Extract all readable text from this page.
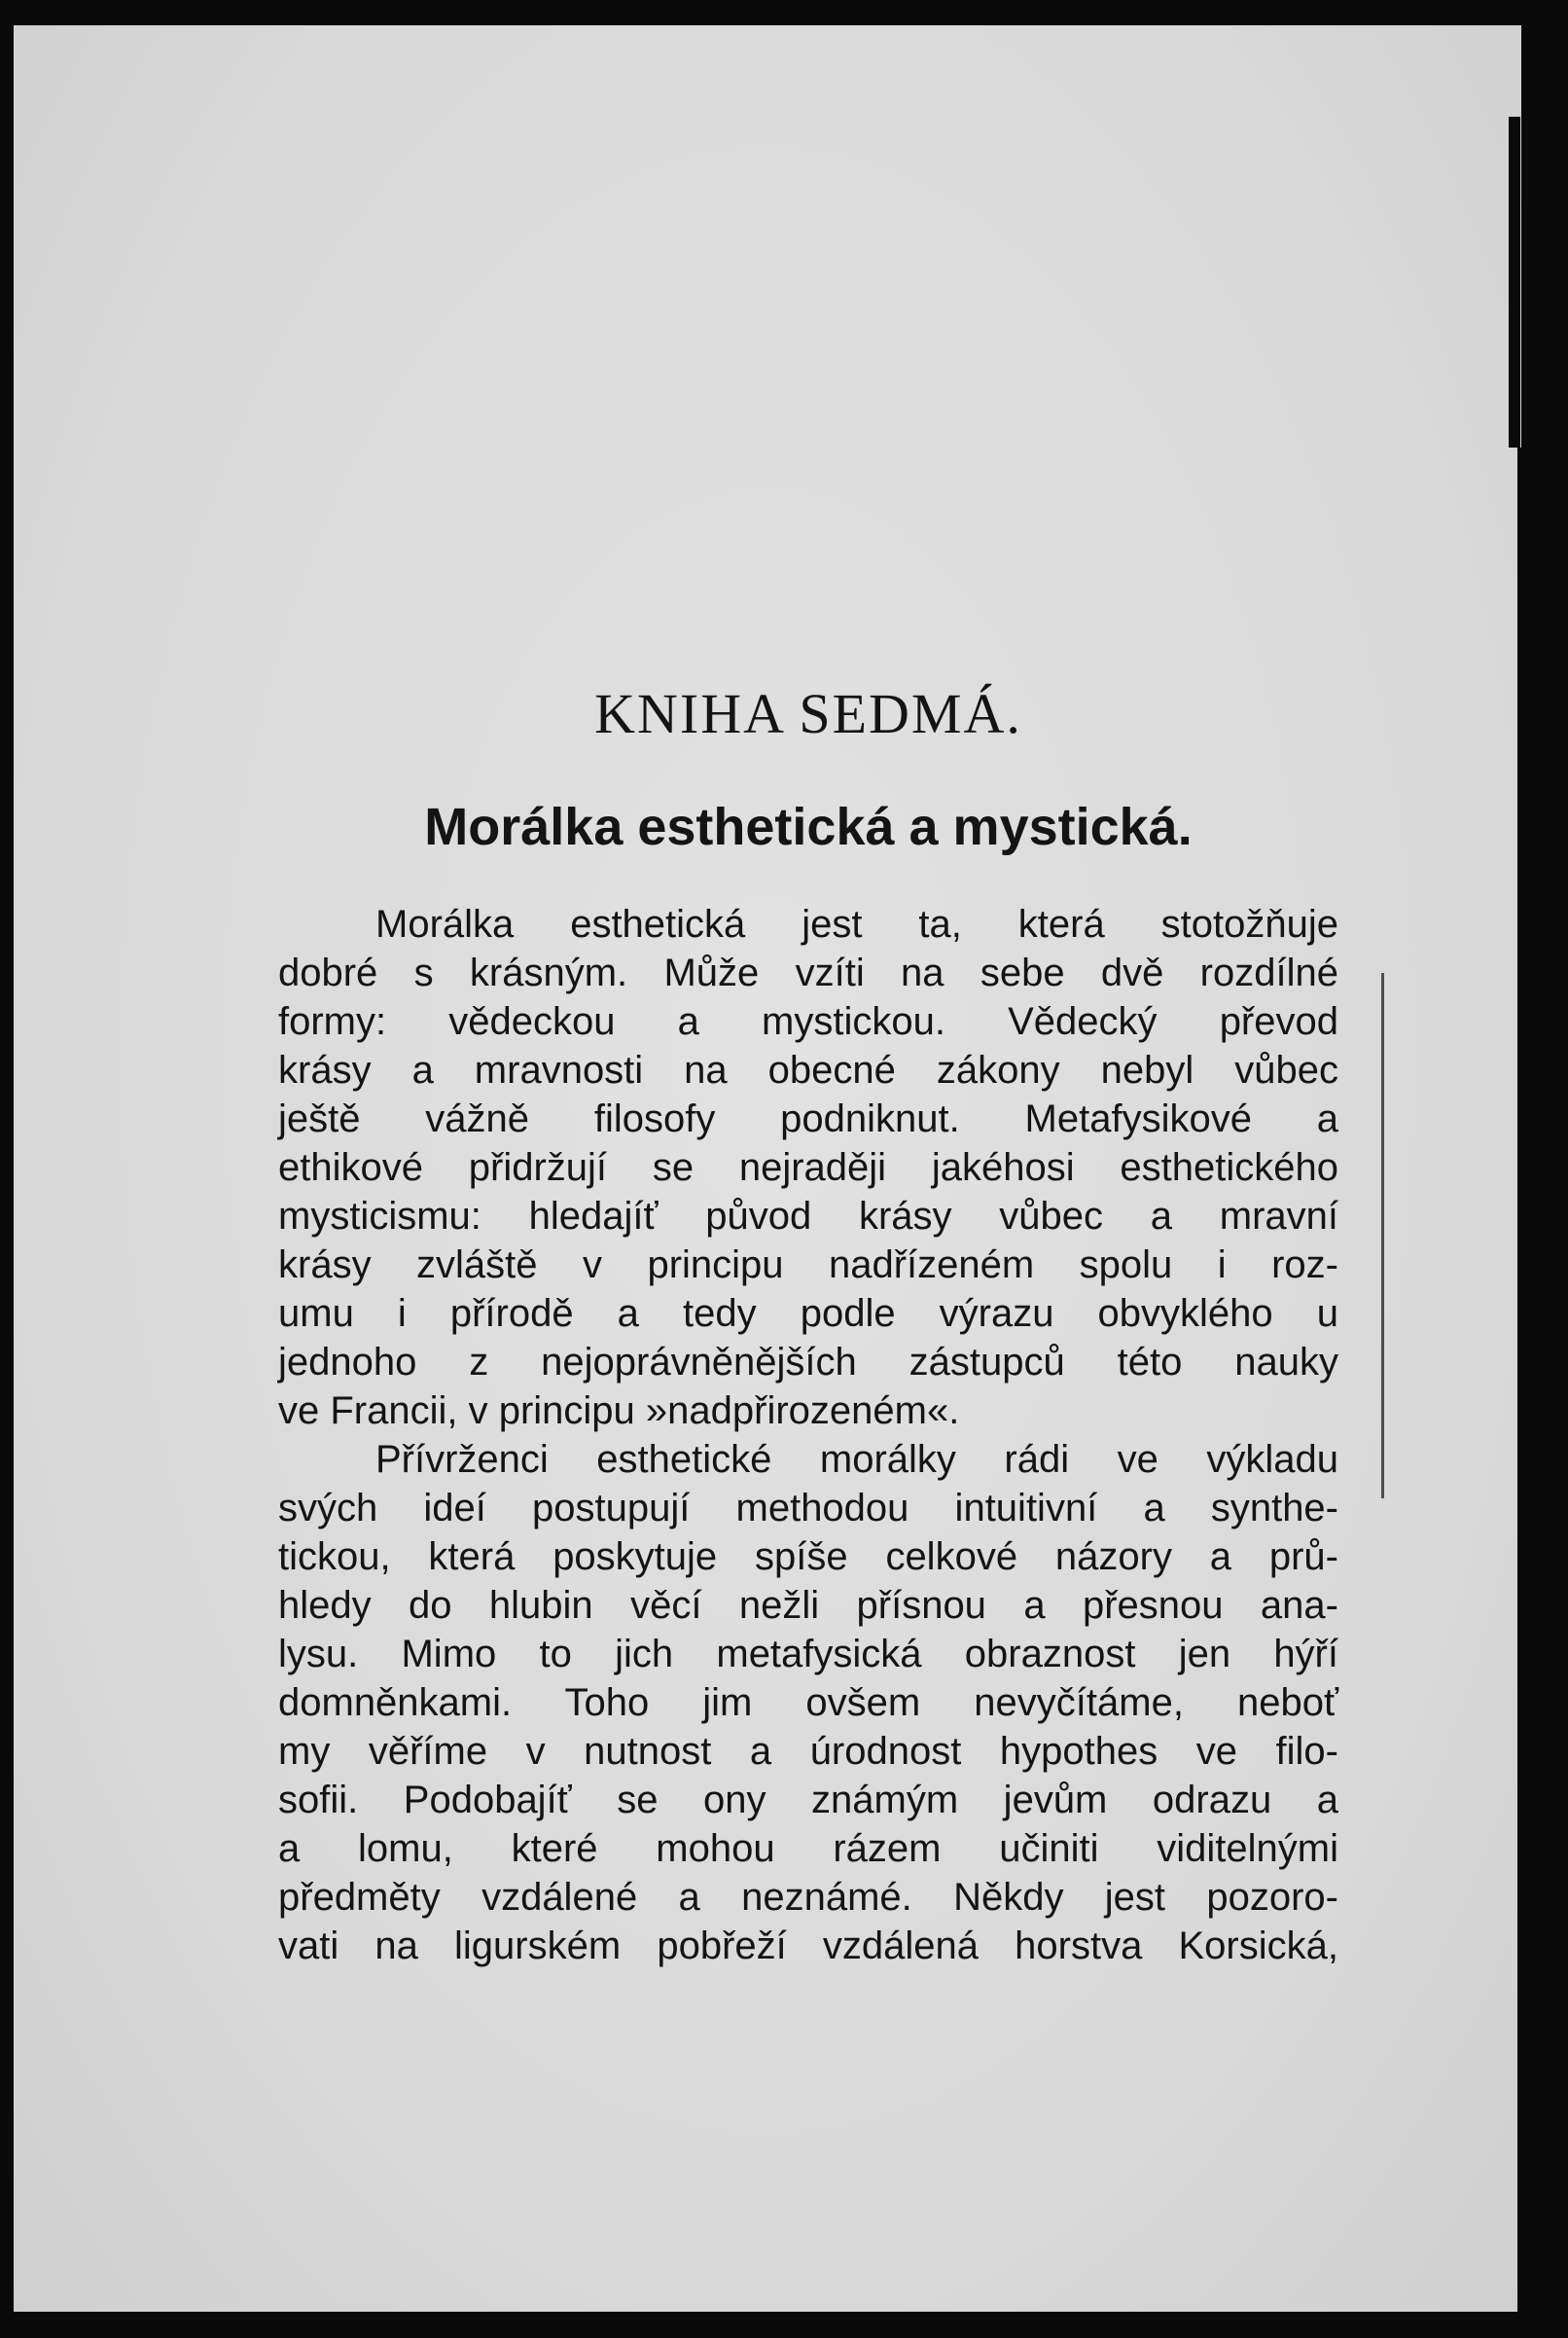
KNIHA SEDMÁ.
Morálka esthetická a mystická.
Morálka esthetická jest ta, která stotožňuje
dobré s krásným. Může vzíti na sebe dvě rozdílné
formy: vědeckou a mystickou. Vědecký převod
krásy a mravnosti na obecné zákony nebyl vůbec
ještě vážně filosofy podniknut. Metafysikové a
ethikové přidržují se nejraději jakéhosi esthetického
mysticismu: hledajíť původ krásy vůbec a mravní
krásy zvláště v principu nadřízeném spolu i roz-
umu i přírodě a tedy podle výrazu obvyklého u
jednoho z nejoprávněnějších zástupců této nauky
ve Francii, v principu »nadpřirozeném«.
Přívrženci esthetické morálky rádi ve výkladu
svých ideí postupují methodou intuitivní a synthe-
tickou, která poskytuje spíše celkové názory a prů-
hledy do hlubin věcí nežli přísnou a přesnou ana-
lysu. Mimo to jich metafysická obraznost jen hýří
domněnkami. Toho jim ovšem nevyčítáme, neboť
my věříme v nutnost a úrodnost hypothes ve filo-
sofii. Podobajíť se ony známým jevům odrazu a
a lomu, které mohou rázem učiniti viditelnými
předměty vzdálené a neznámé. Někdy jest pozoro-
vati na ligurském pobřeží vzdálená horstva Korsická,
